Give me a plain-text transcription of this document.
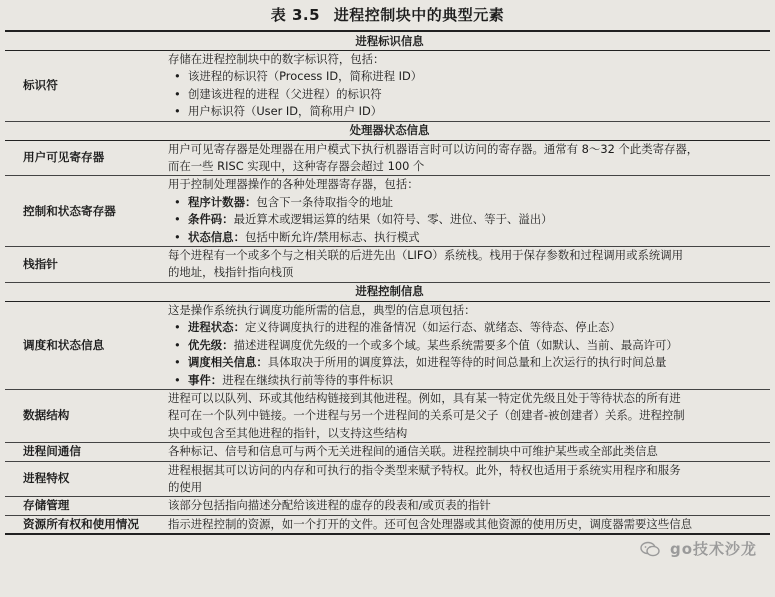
表 3.5 进程控制块中的典型元素
进程标识信息	
标识符	存储在进程控制块中的数字标识符，包括：
• 该进程的标识符（Process ID，简称进程 ID）
• 创建该进程的进程（父进程）的标识符
• 用户标识符（User ID，简称用户 ID）

处理器状态信息	
用户可见寄存器	用户可见寄存器是处理器在用户模式下执行机器语言时可以访问的寄存器。通常有 8～32 个此类寄存器，
而在一些 RISC 实现中，这种寄存器会超过 100 个

控制和状态寄存器	用于控制处理器操作的各种处理器寄存器，包括：
• 程序计数器：包含下一条待取指令的地址
• 条件码：最近算术或逻辑运算的结果（如符号、零、进位、等于、溢出）
• 状态信息：包括中断允许/禁用标志、执行模式

栈指针	每个进程有一个或多个与之相关联的后进先出（LIFO）系统栈。栈用于保存参数和过程调用或系统调用
的地址，栈指针指向栈顶

进程控制信息	
调度和状态信息	这是操作系统执行调度功能所需的信息，典型的信息项包括：
• 进程状态：定义待调度执行的进程的准备情况（如运行态、就绪态、等待态、停止态）
• 优先级：描述进程调度优先级的一个或多个域。某些系统需要多个值（如默认、当前、最高许可）
• 调度相关信息：具体取决于所用的调度算法，如进程等待的时间总量和上次运行的执行时间总量
• 事件：进程在继续执行前等待的事件标识

数据结构	进程可以以队列、环或其他结构链接到其他进程。例如，具有某一特定优先级且处于等待状态的所有进
程可在一个队列中链接。一个进程与另一个进程间的关系可是父子（创建者-被创建者）关系。进程控制
块中或包含至其他进程的指针，以支持这些结构

进程间通信	各种标记、信号和信息可与两个无关进程间的通信关联。进程控制块中可维护某些或全部此类信息

进程特权	进程根据其可以访问的内存和可执行的指令类型来赋予特权。此外，特权也适用于系统实用程序和服务
的使用

存储管理	该部分包括指向描述分配给该进程的虚存的段表和/或页表的指针

资源所有权和使用情况	指示进程控制的资源，如一个打开的文件。还可包含处理器或其他资源的使用历史，调度器需要这些信息
go技术沙龙
